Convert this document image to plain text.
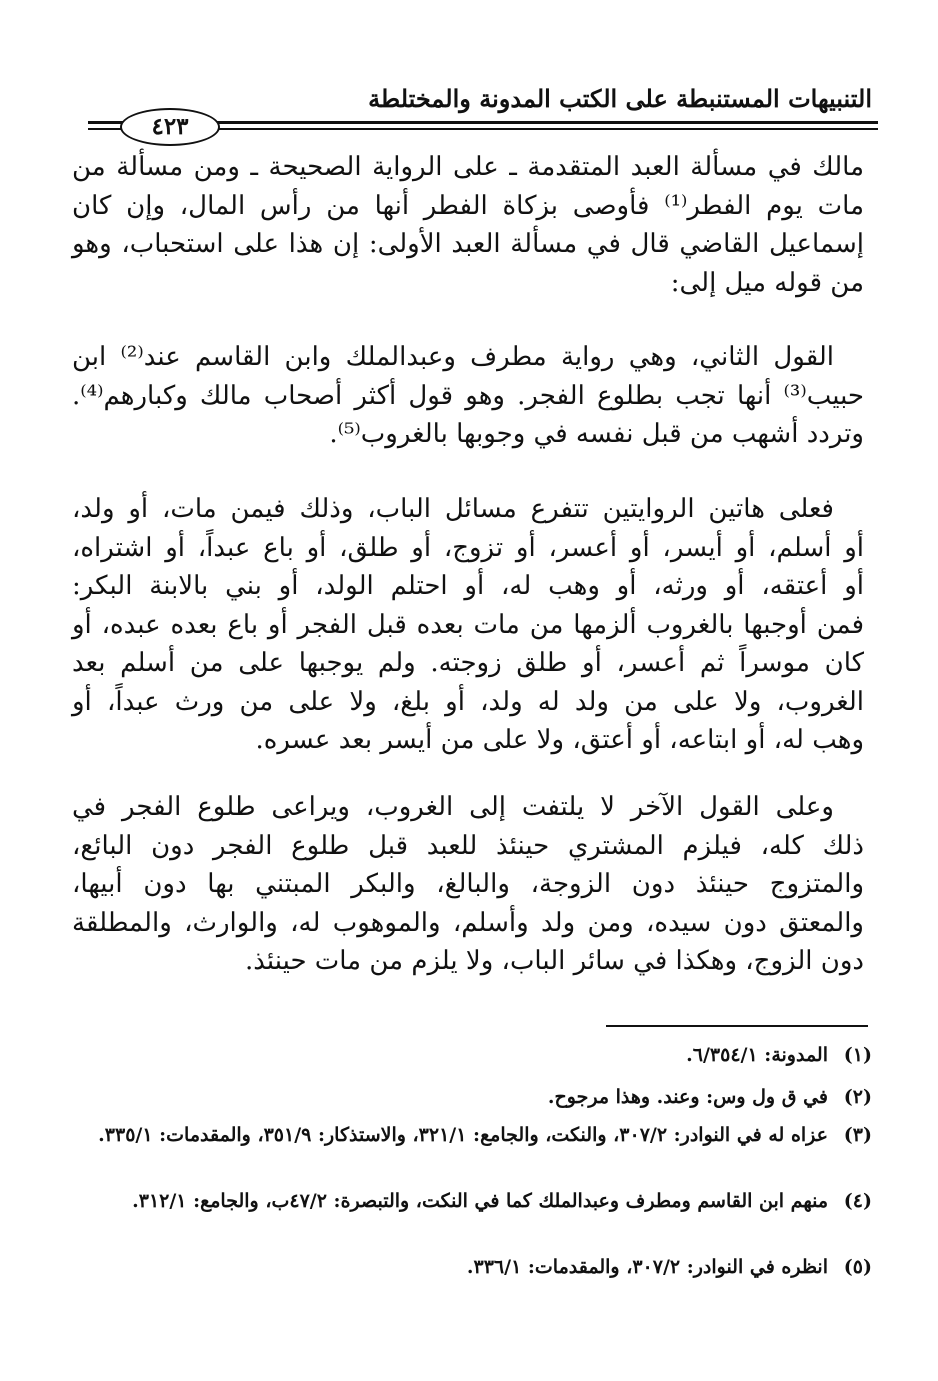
التنبيهات المستنبطة على الكتب المدونة والمختلطة
٤٢٣
مالك في مسألة العبد المتقدمة ـ على الرواية الصحيحة ـ ومن مسألة من
مات يوم الفطر⁽¹⁾ فأوصى بزكاة الفطر أنها من رأس المال، وإن كان
إسماعيل القاضي قال في مسألة العبد الأولى: إن هذا على استحباب، وهو
من قوله ميل إلى:
القول الثاني، وهي رواية مطرف وعبدالملك وابن القاسم عند⁽²⁾ ابن
حبيب⁽³⁾ أنها تجب بطلوع الفجر. وهو قول أكثر أصحاب مالك وكبارهم⁽⁴⁾.
وتردد أشهب من قبل نفسه في وجوبها بالغروب⁽⁵⁾.
فعلى هاتين الروايتين تتفرع مسائل الباب، وذلك فيمن مات، أو ولد،
أو أسلم، أو أيسر، أو أعسر، أو تزوج، أو طلق، أو باع عبداً، أو اشتراه،
أو أعتقه، أو ورثه، أو وهب له، أو احتلم الولد، أو بني بالابنة البكر:
فمن أوجبها بالغروب ألزمها من مات بعده قبل الفجر أو باع بعده عبده، أو
كان موسراً ثم أعسر، أو طلق زوجته. ولم يوجبها على من أسلم بعد
الغروب، ولا على من ولد له ولد، أو بلغ، ولا على من ورث عبداً، أو
وهب له، أو ابتاعه، أو أعتق، ولا على من أيسر بعد عسره.
وعلى القول الآخر لا يلتفت إلى الغروب، ويراعى طلوع الفجر في
ذلك كله، فيلزم المشتري حينئذ للعبد قبل طلوع الفجر دون البائع،
والمتزوج حينئذ دون الزوجة، والبالغ، والبكر المبتني بها دون أبيها،
والمعتق دون سيده، ومن ولد وأسلم، والموهوب له، والوارث، والمطلقة
دون الزوج، وهكذا في سائر الباب، ولا يلزم من مات حينئذ.
(١)
المدونة: ٦/٣٥٤/١.
(٢)
في ق ول وس: وعند. وهذا مرجوح.
(٣)
عزاه له في النوادر: ٣٠٧/٢، والنكت، والجامع: ٣٢١/١، والاستذكار: ٣٥١/٩، والمقدمات: ٣٣٥/١.
(٤)
منهم ابن القاسم ومطرف وعبدالملك كما في النكت، والتبصرة: ٤٧/٢ب، والجامع: ٣١٢/١.
(٥)
انظره في النوادر: ٣٠٧/٢، والمقدمات: ٣٣٦/١.
